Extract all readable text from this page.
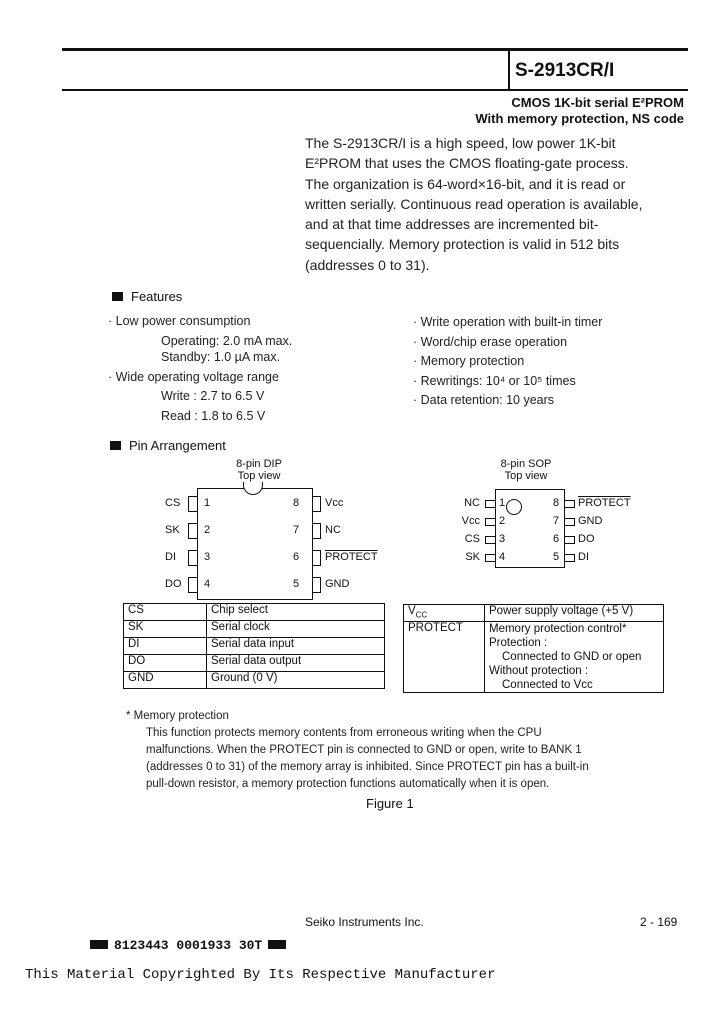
S-2913CR/I
CMOS 1K-bit serial E²PROM
With memory protection, NS code
The S-2913CR/I is a high speed, low power 1K-bit
E²PROM that uses the CMOS floating-gate process.
The organization is 64-word×16-bit, and it is read or
written serially. Continuous read operation is available,
and at that time addresses are incremented bit-
sequencially. Memory protection is valid in 512 bits
(addresses 0 to 31).
Features
· Low power consumption
Operating: 2.0 mA max.
Standby: 1.0 µA max.
· Wide operating voltage range
Write : 2.7 to 6.5 V
Read : 1.8 to 6.5 V
· Write operation with built-in timer
· Word/chip erase operation
· Memory protection
· Rewritings: 10⁴ or 10⁵ times
· Data retention: 10 years
Pin Arrangement
8-pin DIP
Top view
CS 1	8 Vcc
SK 2	7 NC
DI	3	6 PROTECT
DO 4	5 GND
8-pin SOP
Top view
NC 1	8 PROTECT
Vcc 2	7 GND
CS 3	6 DO
SK 4	5 DI
CS	Chip select
SK	Serial clock
DI	Serial data input
DO	Serial data output
GND	Ground (0 V)
$V_{CC}$	Power supply voltage (+5 V)
PROTECT	Memory protection control*
Protection :
Connected to GND or open
Without protection :
Connected to Vcc
* Memory protection
This function protects memory contents from erroneous writing when the CPU
malfunctions. When the PROTECT pin is connected to GND or open, write to BANK 1
(addresses 0 to 31) of the memory array is inhibited. Since PROTECT pin has a built-in
pull-down resistor, a memory protection functions automatically when it is open.
Figure 1
Seiko Instruments Inc.	2 - 169
8123443 0001933 30T
This Material Copyrighted By Its Respective Manufacturer
